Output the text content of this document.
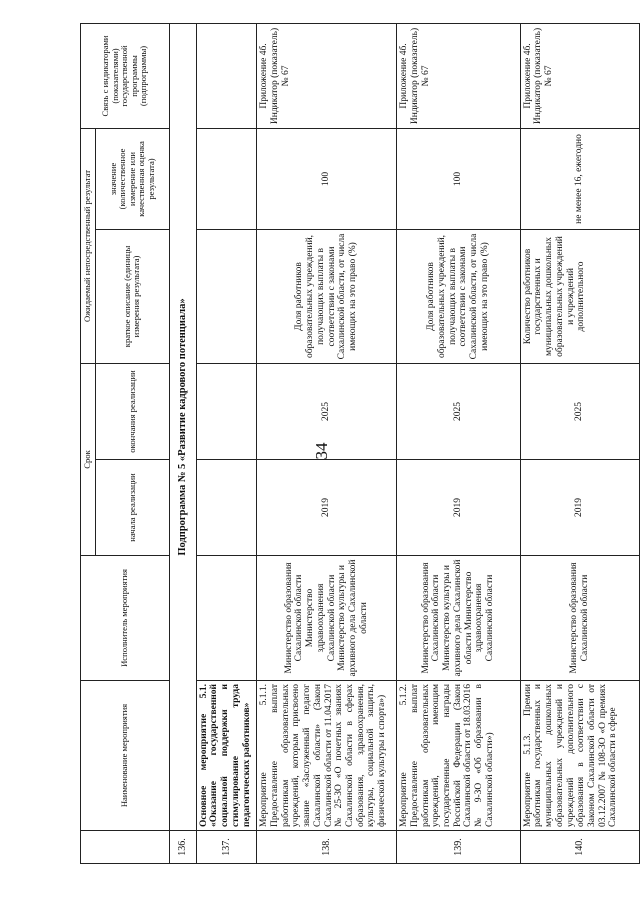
34
	Наименование мероприятия	Исполнитель мероприятия	Срок		Ожидаемый непосредственный результат		Связь с индикаторами (показателями) государственной программы (подпрограммы)
			начала реализации	окончания реализации	краткое описание (единицы измерения результата)	значение (количественное измерение или качественная оценка результата)	
136.	Подпрограмма № 5 «Развитие кадрового потенциала»						
137.	Основное мероприятие 5.1. «Оказание государственной социальной поддержки и стимулирование труда педагогических работников»						
138.	Мероприятие 5.1.1. Предоставление выплат работникам образовательных учреждений, которым присвоено звание «Заслуженный педагог Сахалинской области» (Закон Сахалинской области от 11.04.2017 № 25-ЗО «О почетных званиях Сахалинской области в сферах образования, здравоохранения, культуры, социальной защиты, физической культуры и спорта»)	Министерство образования Сахалинской области Министерство здравоохранения Сахалинской области Министерство культуры и архивного дела Сахалинской области	2019	2025	Доля работников образовательных учреждений, получающих выплаты в соответствии с законами Сахалинской области, от числа имеющих на это право (%)	100	Приложение 4б. Индикатор (показатель) № 67
139.	Мероприятие 5.1.2. Предоставление выплат работникам образовательных учреждений, имеющим государственные награды Российской Федерации (Закон Сахалинской области от 18.03.2016 № 9-ЗО «Об образовании в Сахалинской области»)	Министерство образования Сахалинской области Министерство культуры и архивного дела Сахалинской области Министерство здравоохранения Сахалинской области	2019	2025	Доля работников образовательных учреждений, получающих выплаты в соответствии с законами Сахалинской области, от числа имеющих на это право (%)	100	Приложение 4б. Индикатор (показатель) № 67
140.	Мероприятие 5.1.3. Премии работникам государственных и муниципальных дошкольных образовательных учреждений и учреждений дополнительного образования в соответствии с Законом Сахалинской области от 03.12.2007 № 108-ЗО «О премиях Сахалинской области в сфере	Министерство образования Сахалинской области	2019	2025	Количество работников государственных и муниципальных дошкольных образовательных учреждений и учреждений дополнительного	не менее 16, ежегодно	Приложение 4б. Индикатор (показатель) № 67
